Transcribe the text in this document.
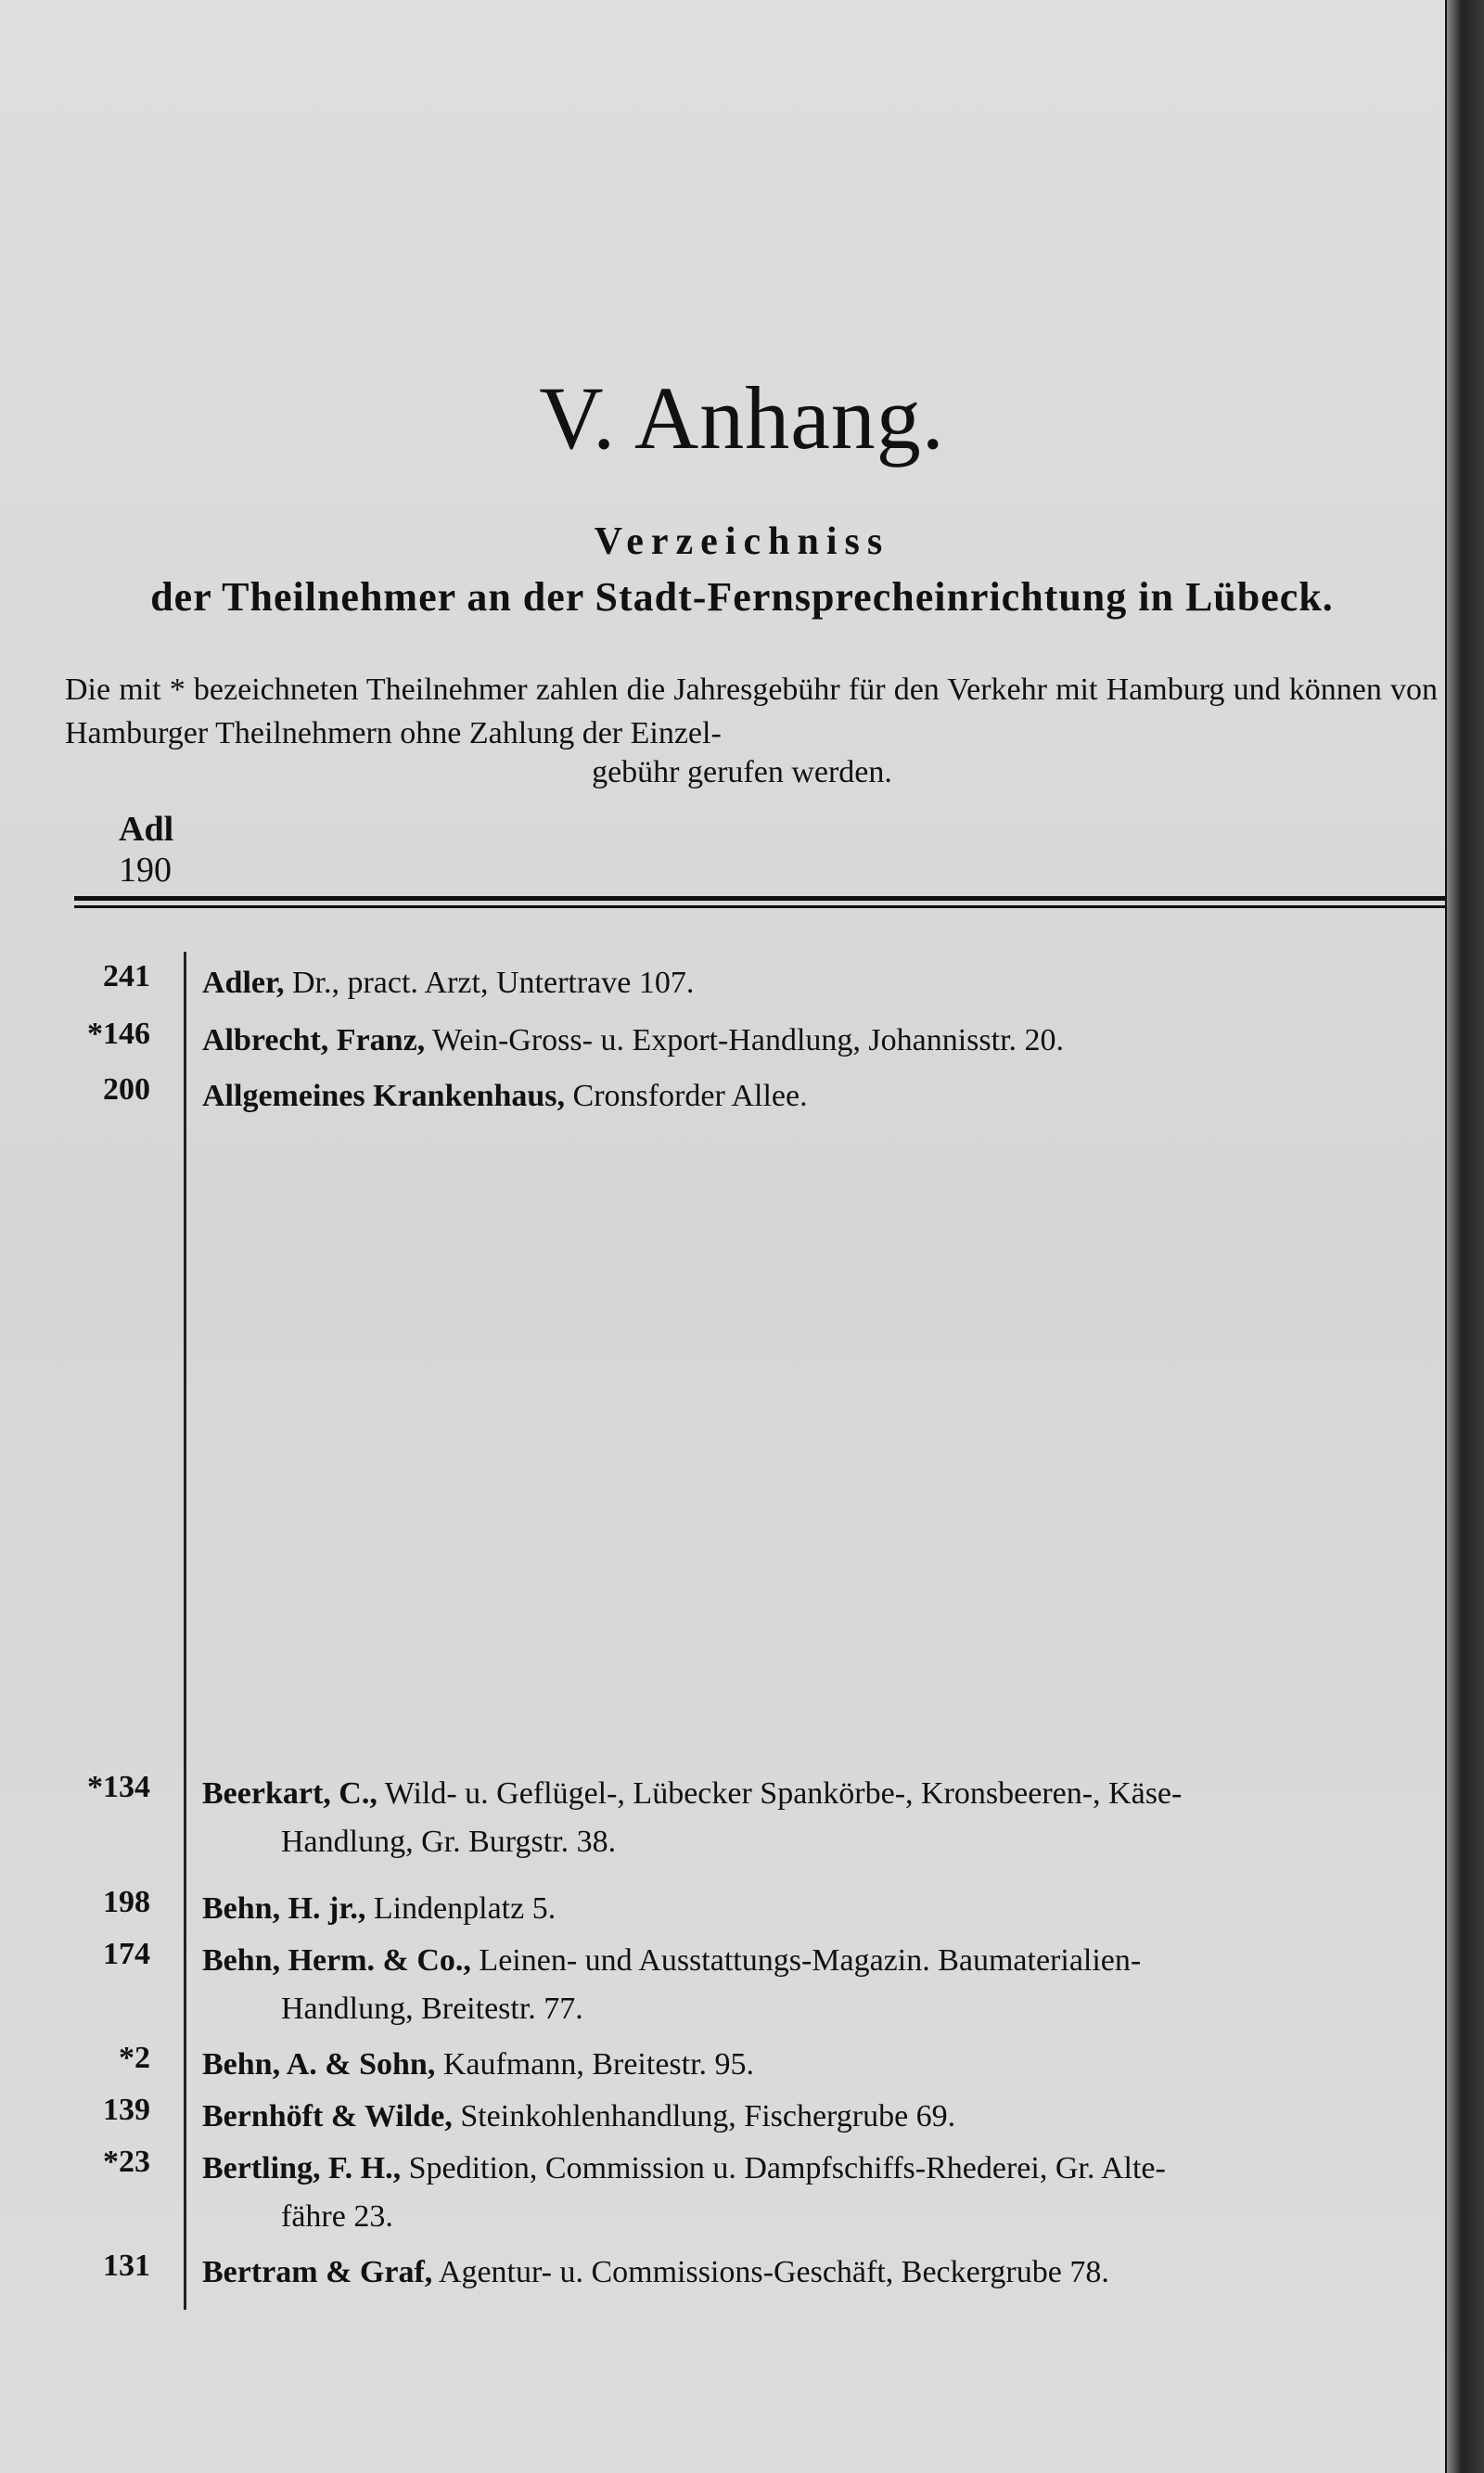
V. Anhang.
Verzeichniss
der Theilnehmer an der Stadt-Fernsprecheinrichtung in Lübeck.
Die mit * bezeichneten Theilnehmer zahlen die Jahresgebühr für den Verkehr mit Hamburg und können von Hamburger Theilnehmern ohne Zahlung der Einzel-
gebühr gerufen werden.
Adl
190
241 Adler, Dr., pract. Arzt, Untertrave 107.
*146 Albrecht, Franz, Wein-Gross- u. Export-Handlung, Johannisstr. 20.
200 Allgemeines Krankenhaus, Cronsforder Allee.
*134 Beerkart, C., Wild- u. Geflügel-, Lübecker Spankörbe-, Kronsbeeren-, Käse-
Handlung, Gr. Burgstr. 38.
198 Behn, H. jr., Lindenplatz 5.
174 Behn, Herm. & Co., Leinen- und Ausstattungs-Magazin. Baumaterialien-
Handlung, Breitestr. 77.
*2 Behn, A. & Sohn, Kaufmann, Breitestr. 95.
139 Bernhöft & Wilde, Steinkohlenhandlung, Fischergrube 69.
*23 Bertling, F. H., Spedition, Commission u. Dampfschiffs-Rhederei, Gr. Alte-
fähre 23.
131 Bertram & Graf, Agentur- u. Commissions-Geschäft, Beckergrube 78.
